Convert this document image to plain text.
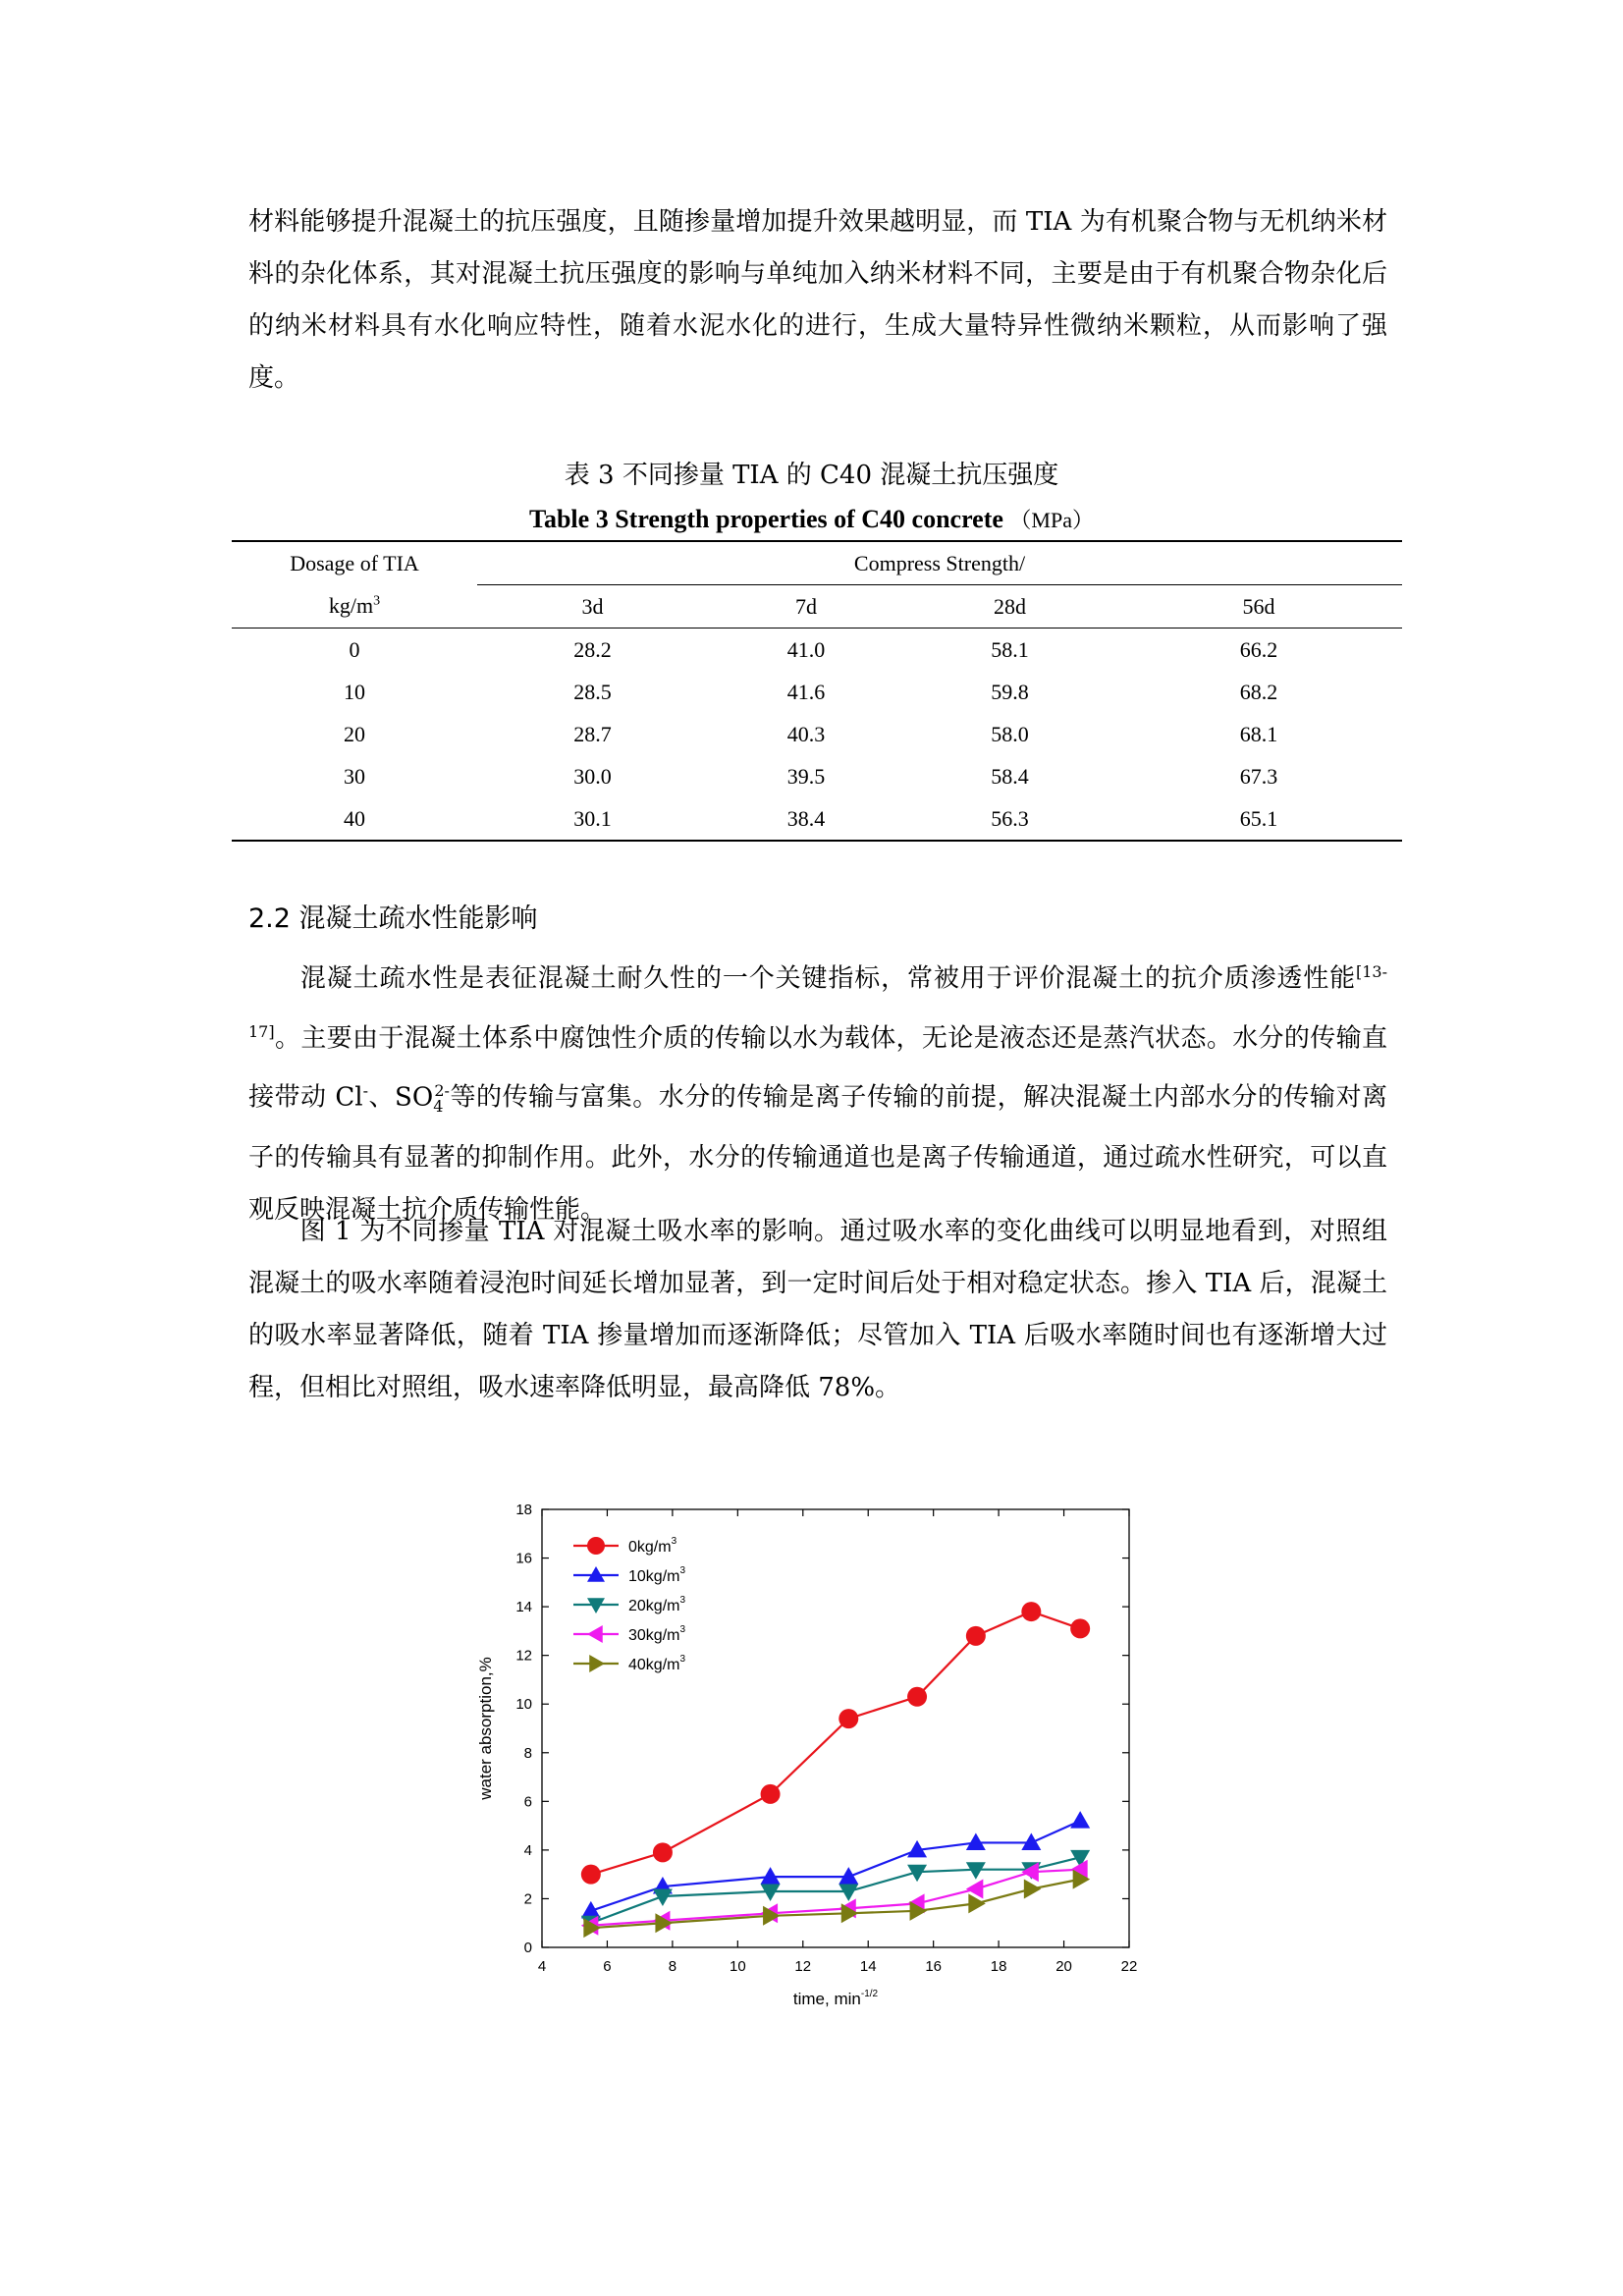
材料能够提升混凝土的抗压强度，且随掺量增加提升效果越明显，而 TIA 为有机聚合物与无机纳米材料的杂化体系，其对混凝土抗压强度的影响与单纯加入纳米材料不同，主要是由于有机聚合物杂化后的纳米材料具有水化响应特性，随着水泥水化的进行，生成大量特异性微纳米颗粒，从而影响了强度。

表 3 不同掺量 TIA 的 C40 混凝土抗压强度
Table 3 Strength properties of C40 concrete （MPa）
Dosage of TIA	Compress Strength/			
$kg/m^3$	3d	7d	28d	56d
0	28.2	41.0	58.1	66.2
10	28.5	41.6	59.8	68.2
20	28.7	40.3	58.0	68.1
30	30.0	39.5	58.4	67.3
40	30.1	38.4	56.3	65.1
2.2 混凝土疏水性能影响

混凝土疏水性是表征混凝土耐久性的一个关键指标，常被用于评价混凝土的抗介质渗透性能[13-17]。主要由于混凝土体系中腐蚀性介质的传输以水为载体，无论是液态还是蒸汽状态。水分的传输直接带动 Cl-、$SO_4^{2-}$等的传输与富集。水分的传输是离子传输的前提，解决混凝土内部水分的传输对离子的传输具有显著的抑制作用。此外，水分的传输通道也是离子传输通道，通过疏水性研究，可以直观反映混凝土抗介质传输性能。

图 1 为不同掺量 TIA 对混凝土吸水率的影响。通过吸水率的变化曲线可以明显地看到，对照组混凝土的吸水率随着浸泡时间延长增加显著，到一定时间后处于相对稳定状态。掺入 TIA 后，混凝土的吸水率显著降低，随着 TIA 掺量增加而逐渐降低；尽管加入 TIA 后吸水率随时间也有逐渐增大过程，但相比对照组，吸水速率降低明显，最高降低 78%。

4	6	8	10	12	14	16	18	20	22
0
2
4
6
8
10
12
14
16
18
time, $\min^{-1/2}$
water absorption,%
$0kg/m^3$
$10kg/m^3$
$20kg/m^3$
$30kg/m^3$
$40kg/m^3$
